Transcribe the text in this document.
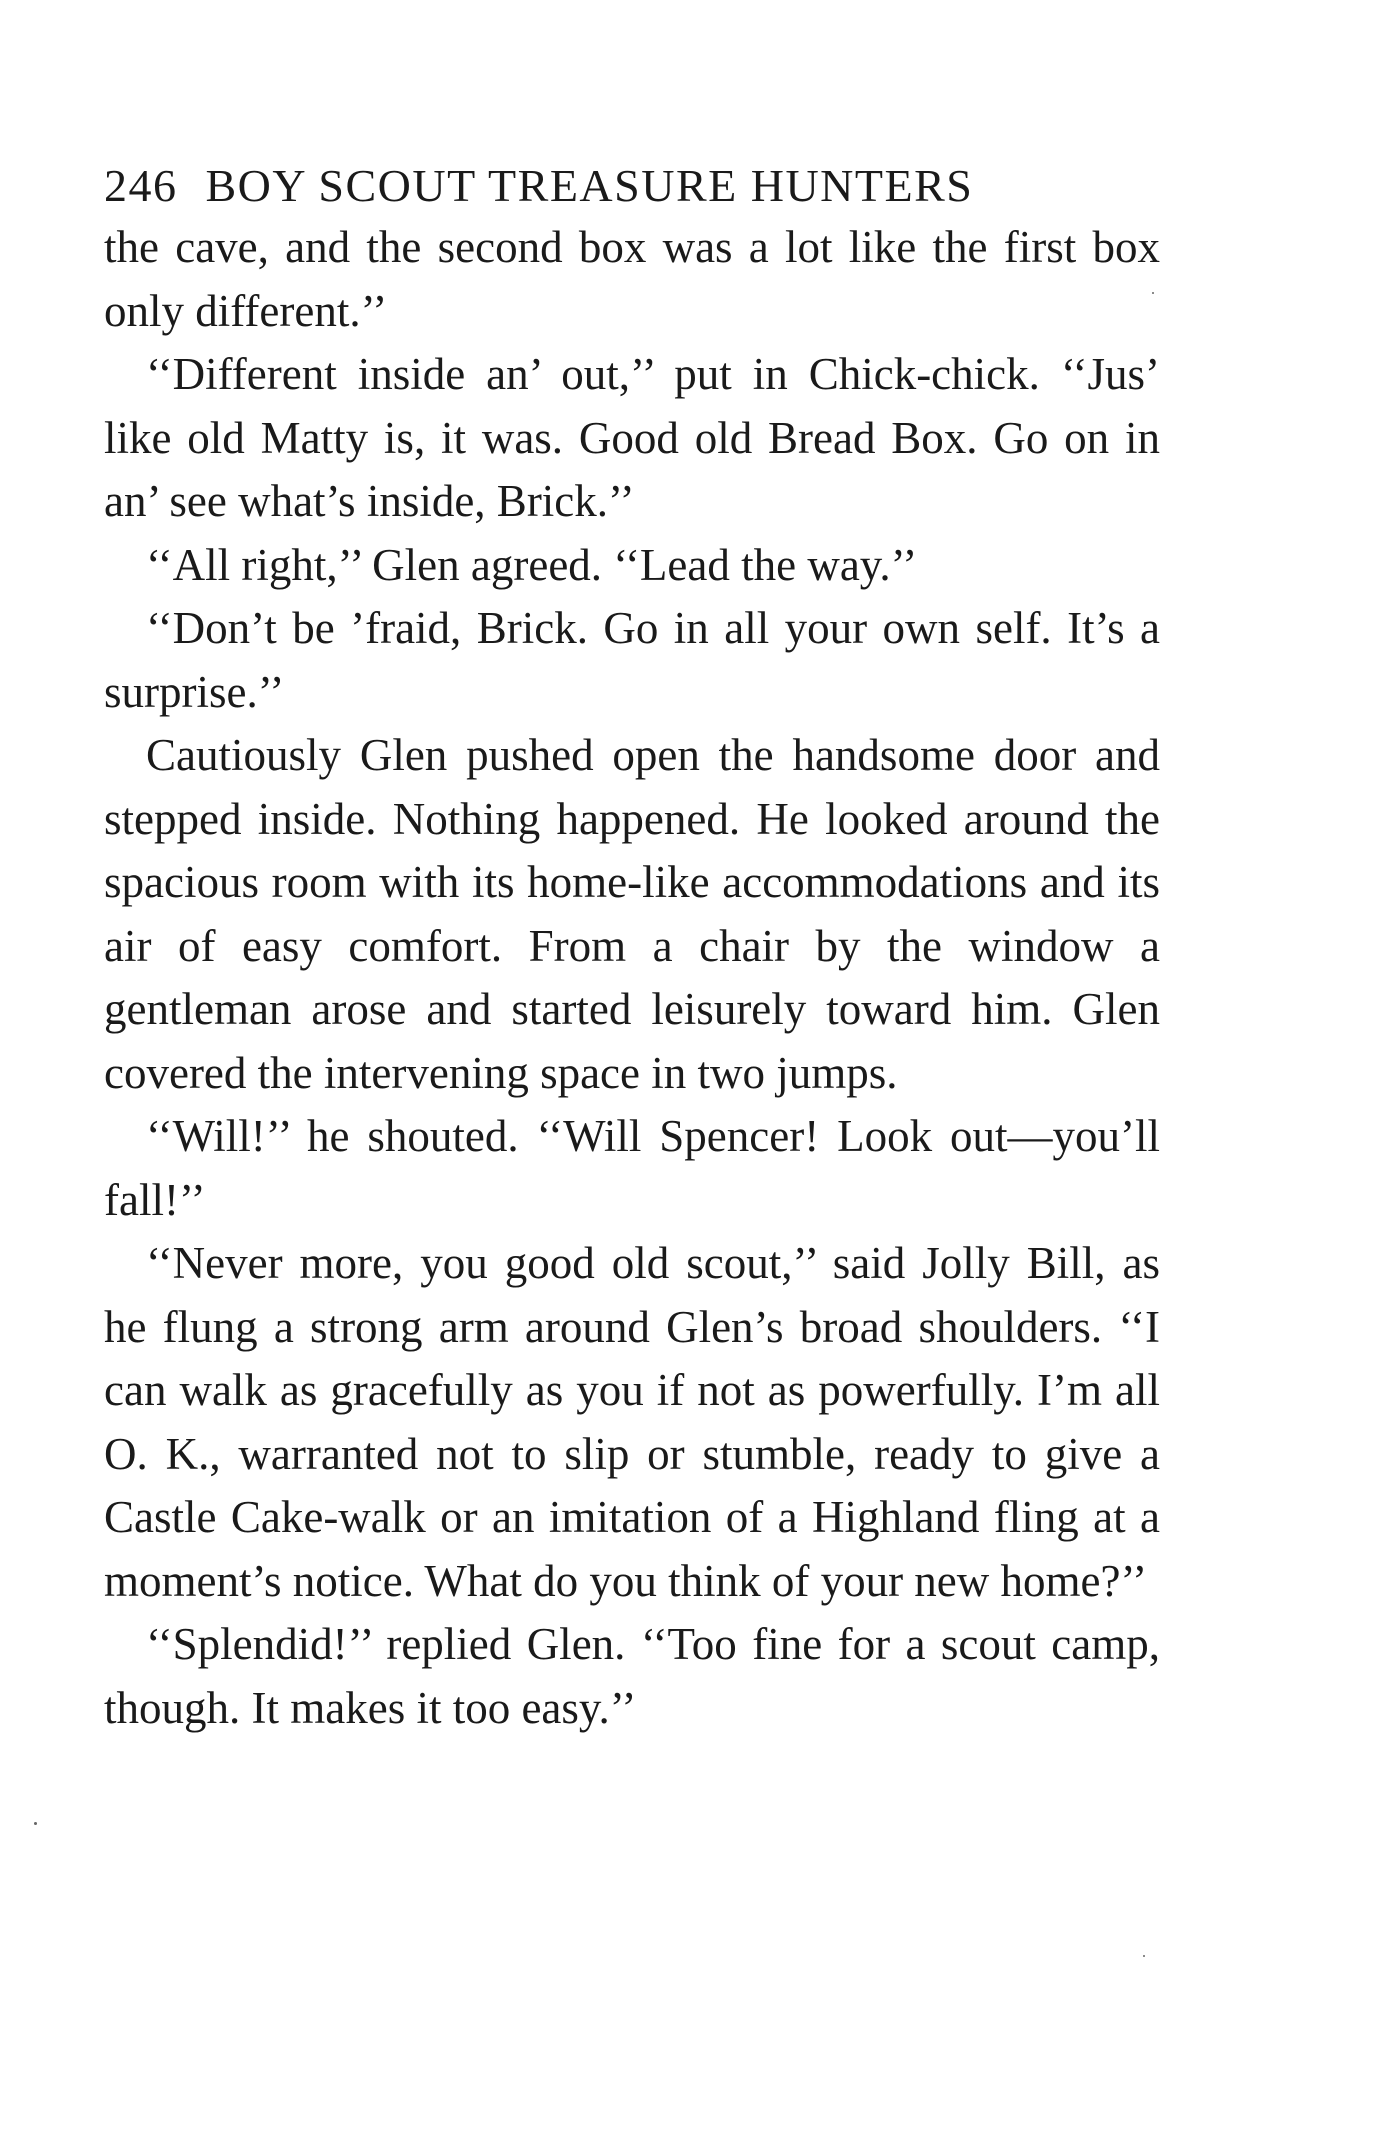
246 BOY SCOUT TREASURE HUNTERS

the cave, and the second box was a lot like the first box only different.’’

‘‘Different inside an’ out,’’ put in Chick-chick. ‘‘Jus’ like old Matty is, it was. Good old Bread Box. Go on in an’ see what’s inside, Brick.’’

‘‘All right,’’ Glen agreed. ‘‘Lead the way.’’

‘‘Don’t be ’fraid, Brick. Go in all your own self. It’s a surprise.’’

Cautiously Glen pushed open the handsome door and stepped inside. Nothing happened. He looked around the spacious room with its home-like accommodations and its air of easy comfort. From a chair by the window a gentleman arose and started leisurely toward him. Glen covered the intervening space in two jumps.

‘‘Will!’’ he shouted. ‘‘Will Spencer! Look out—you’ll fall!’’

‘‘Never more, you good old scout,’’ said Jolly Bill, as he flung a strong arm around Glen’s broad shoulders. ‘‘I can walk as gracefully as you if not as powerfully. I’m all O. K., warranted not to slip or stumble, ready to give a Castle Cake-walk or an imitation of a Highland fling at a moment’s notice. What do you think of your new home?’’

‘‘Splendid!’’ replied Glen. ‘‘Too fine for a scout camp, though. It makes it too easy.’’
